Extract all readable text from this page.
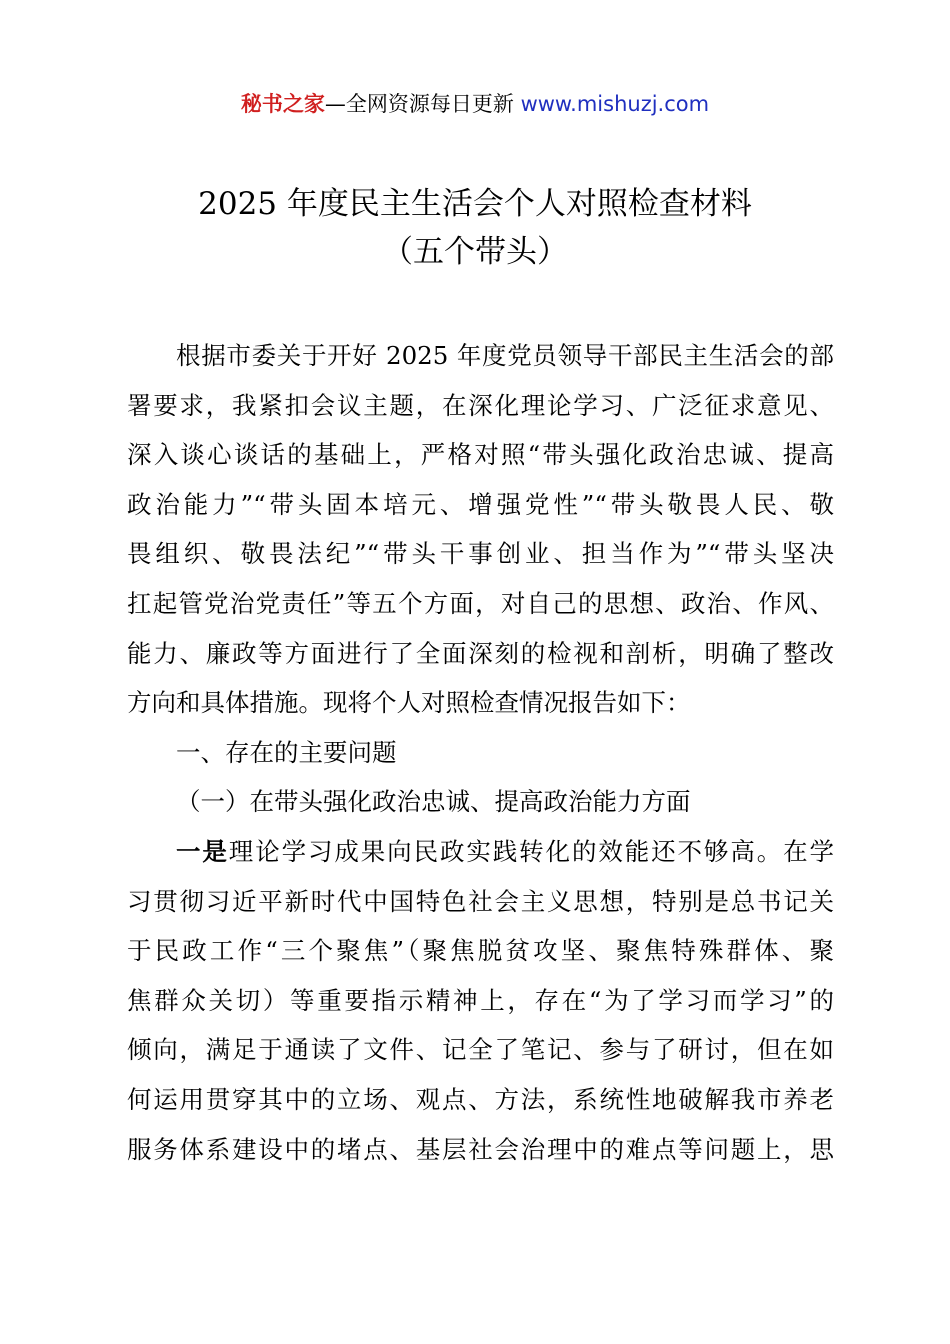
秘书之家—全网资源每日更新 www.mishuzj.com
2025 年度民主生活会个人对照检查材料
（五个带头）
根据市委关于开好 2025 年度党员领导干部民主生活会的部
署要求，我紧扣会议主题，在深化理论学习、广泛征求意见、
深入谈心谈话的基础上，严格对照“带头强化政治忠诚、提高
政治能力”“带头固本培元、增强党性”“带头敬畏人民、敬
畏组织、敬畏法纪”“带头干事创业、担当作为”“带头坚决
扛起管党治党责任”等五个方面，对自己的思想、政治、作风、
能力、廉政等方面进行了全面深刻的检视和剖析，明确了整改
方向和具体措施。现将个人对照检查情况报告如下：
一、存在的主要问题
（一）在带头强化政治忠诚、提高政治能力方面
一是理论学习成果向民政实践转化的效能还不够高。在学
习贯彻习近平新时代中国特色社会主义思想，特别是总书记关
于民政工作“三个聚焦”（聚焦脱贫攻坚、聚焦特殊群体、聚
焦群众关切）等重要指示精神上，存在“为了学习而学习”的
倾向，满足于通读了文件、记全了笔记、参与了研讨，但在如
何运用贯穿其中的立场、观点、方法，系统性地破解我市养老
服务体系建设中的堵点、基层社会治理中的难点等问题上，思
